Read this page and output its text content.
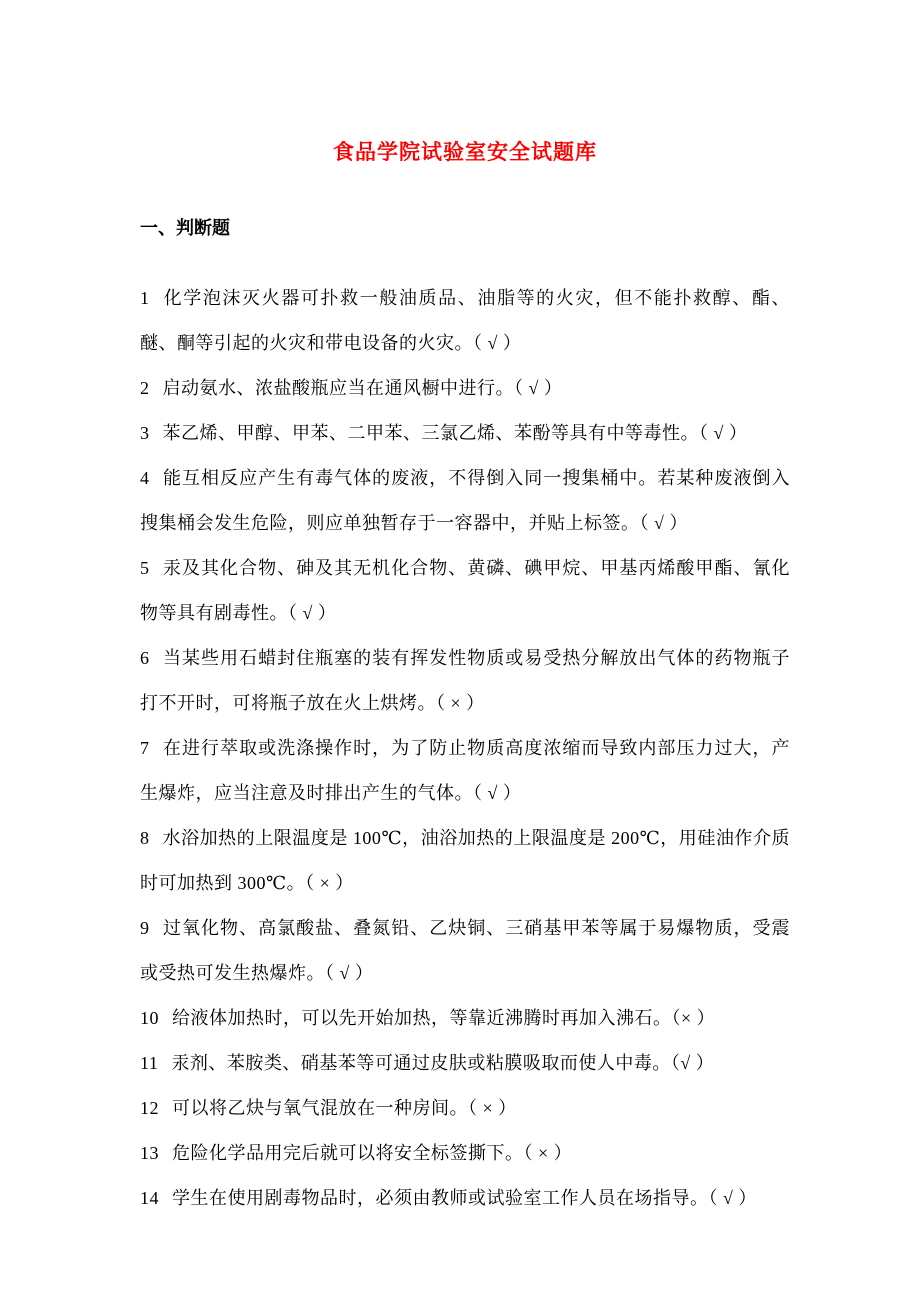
食品学院试验室安全试题库
一、判断题

1 化学泡沫灭火器可扑救一般油质品、油脂等的火灾，但不能扑救醇、酯、醚、酮等引起的火灾和带电设备的火灾。（ √ ）

2 启动氨水、浓盐酸瓶应当在通风橱中进行。（ √ ）

3 苯乙烯、甲醇、甲苯、二甲苯、三氯乙烯、苯酚等具有中等毒性。（ √ ）

4 能互相反应产生有毒气体的废液，不得倒入同一搜集桶中。若某种废液倒入搜集桶会发生危险，则应单独暂存于一容器中，并贴上标签。（ √ ）

5 汞及其化合物、砷及其无机化合物、黄磷、碘甲烷、甲基丙烯酸甲酯、氰化物等具有剧毒性。（ √ ）

6 当某些用石蜡封住瓶塞的装有挥发性物质或易受热分解放出气体的药物瓶子打不开时，可将瓶子放在火上烘烤。（ × ）

7 在进行萃取或洗涤操作时，为了防止物质高度浓缩而导致内部压力过大，产生爆炸，应当注意及时排出产生的气体。（ √ ）

8 水浴加热的上限温度是 100℃，油浴加热的上限温度是 200℃，用硅油作介质时可加热到 300℃。（ × ）

9 过氧化物、高氯酸盐、叠氮铅、乙炔铜、三硝基甲苯等属于易爆物质，受震或受热可发生热爆炸。（ √ ）

10 给液体加热时，可以先开始加热，等靠近沸腾时再加入沸石。（× ）

11 汞剂、苯胺类、硝基苯等可通过皮肤或粘膜吸取而使人中毒。（√ ）

12 可以将乙炔与氧气混放在一种房间。（ × ）

13 危险化学品用完后就可以将安全标签撕下。（ × ）

14 学生在使用剧毒物品时，必须由教师或试验室工作人员在场指导。（ √ ）
